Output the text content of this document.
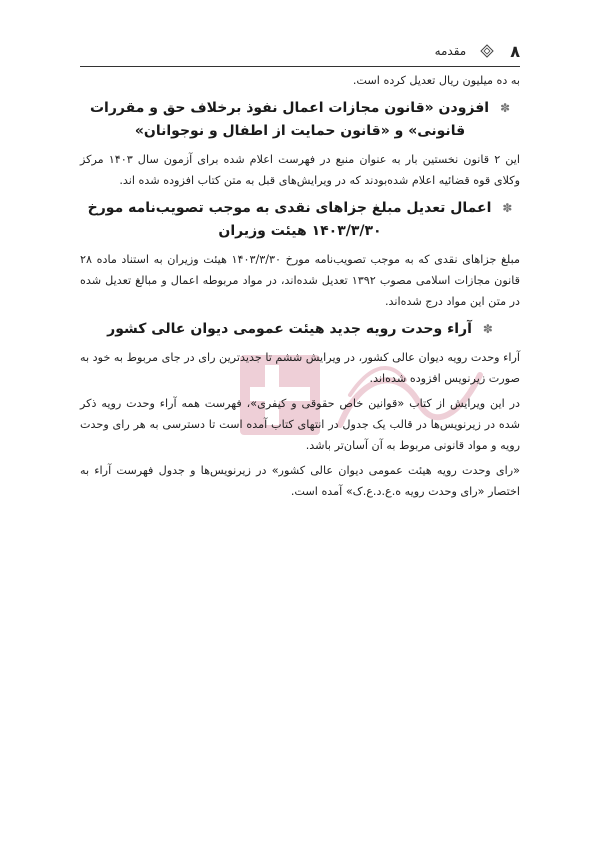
۸
مقدمه

به ده میلیون ریال تعدیل کرده است.

✽ افزودن «قانون مجازات اعمال نفوذ برخلاف حق و مقررات قانونی» و «قانون حمایت از اطفال و نوجوانان»

این ۲ قانون نخستین بار به عنوان منبع در فهرست اعلام شده برای آزمون سال ۱۴۰۳ مرکز وکلای قوه قضائیه اعلام شده‌بودند که در ویرایش‌های قبل به متن کتاب افزوده شده اند.

✽ اعمال تعدیل مبلغ جزاهای نقدی به موجب تصویب‌نامه مورخ ۱۴۰۳/۳/۳۰ هیئت وزیران

مبلغ جزاهای نقدی که به موجب تصویب‌نامه مورخ ۱۴۰۳/۳/۳۰ هیئت وزیران به استناد ماده ۲۸ قانون مجازات اسلامی مصوب ۱۳۹۲ تعدیل شده‌اند، در مواد مربوطه اعمال و مبالغ تعدیل شده در متن این مواد درج شده‌اند.

✽ آراء وحدت رویه جدید هیئت عمومی دیوان عالی کشور

آراء وحدت رویه دیوان عالی کشور، در ویرایش ششم تا جدیدترین رای در جای مربوط به خود به صورت زیرنویس افزوده شده‌اند.

در این ویرایش از کتاب «قوانین خاص حقوقی و کیفری»، فهرست همه آراء وحدت رویه ذکر شده در زیرنویس‌ها در قالب یک جدول در انتهای کتاب آمده است تا دسترسی به هر رای وحدت رویه و مواد قانونی مربوط به آن آسان‌تر باشد.

«رای وحدت رویه هیئت عمومی دیوان عالی کشور» در زیرنویس‌ها و جدول فهرست آراء به اختصار «رای وحدت رویه ه.ع.د.ع.ک» آمده است.
